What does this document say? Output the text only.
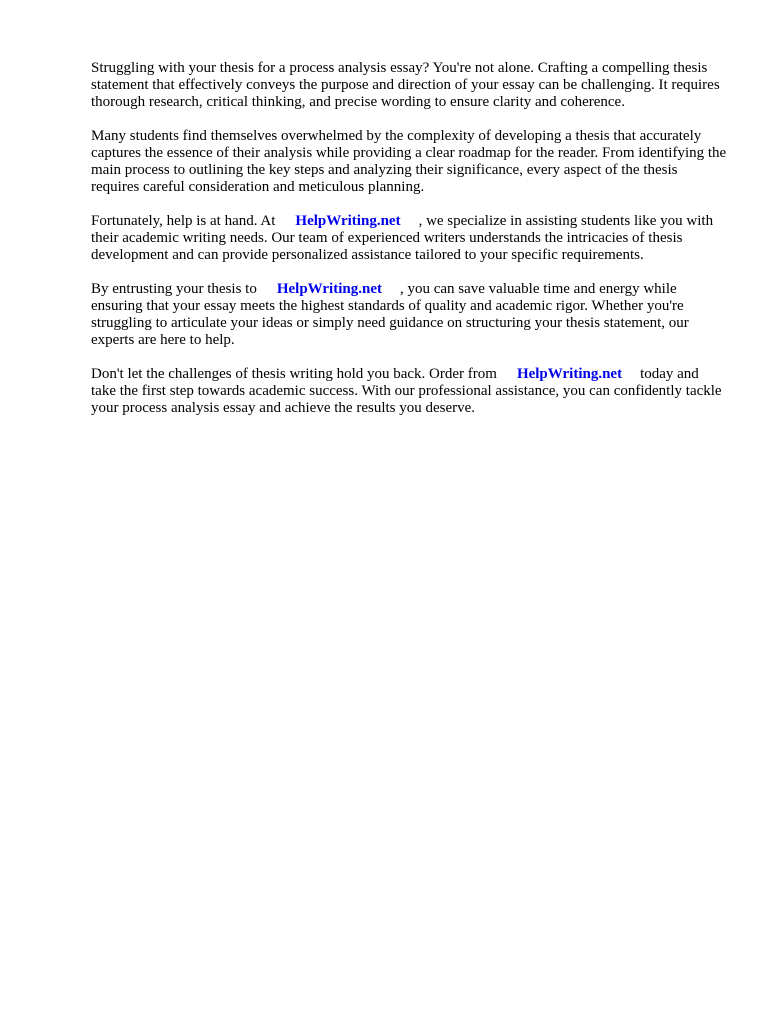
Struggling with your thesis for a process analysis essay? You're not alone. Crafting a compelling thesis statement that effectively conveys the purpose and direction of your essay can be challenging. It requires thorough research, critical thinking, and precise wording to ensure clarity and coherence.

Many students find themselves overwhelmed by the complexity of developing a thesis that accurately captures the essence of their analysis while providing a clear roadmap for the reader. From identifying the main process to outlining the key steps and analyzing their significance, every aspect of the thesis requires careful consideration and meticulous planning.

Fortunately, help is at hand. At HelpWriting.net , we specialize in assisting students like you with their academic writing needs. Our team of experienced writers understands the intricacies of thesis development and can provide personalized assistance tailored to your specific requirements.

By entrusting your thesis to HelpWriting.net , you can save valuable time and energy while ensuring that your essay meets the highest standards of quality and academic rigor. Whether you're struggling to articulate your ideas or simply need guidance on structuring your thesis statement, our experts are here to help.

Don't let the challenges of thesis writing hold you back. Order from HelpWriting.net today and take the first step towards academic success. With our professional assistance, you can confidently tackle your process analysis essay and achieve the results you deserve.
